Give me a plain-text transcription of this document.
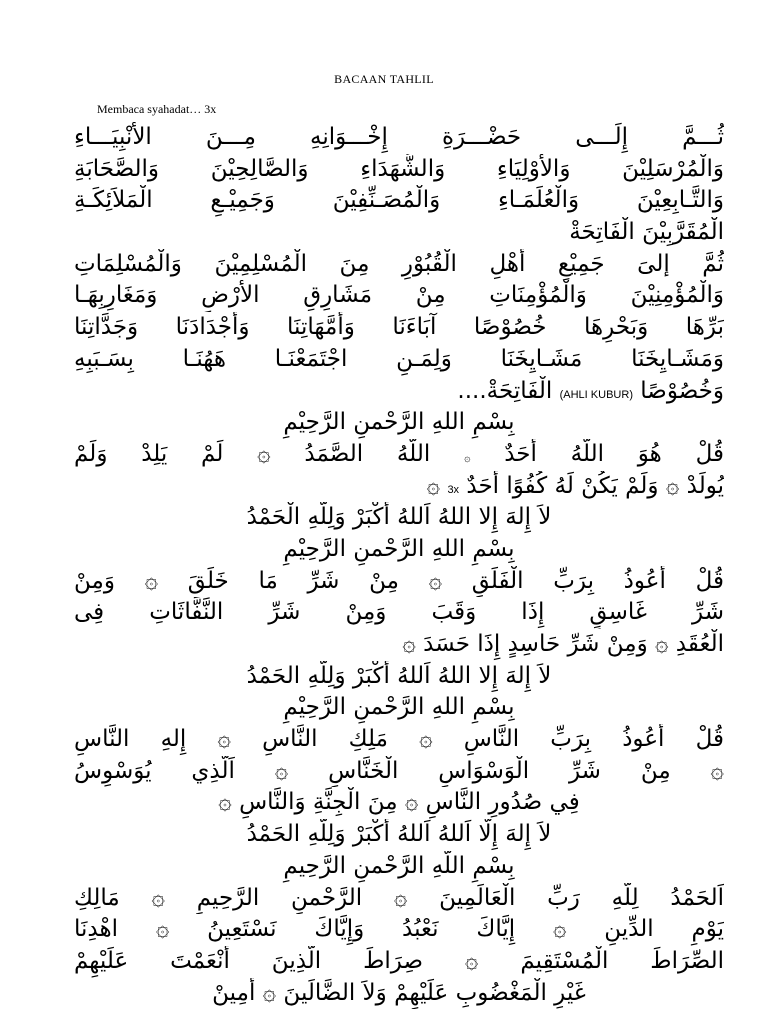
BACAAN TAHLIL
Membaca syahadat… 3x
ثُـــمَّ إِلَـــى حَضْـــرَةِ إِخْـــوَانِهِ مِـــنَ الأَنْبِيَـــاءِ
وَالْمُرْسَلِيْنَ وَالأَوْلِيَاءِ وَالشُّهَدَاءِ وَالصَّالِحِيْنَ وَالصَّحَابَةِ
وَالتَّـابِعِيْنَ وَالْعُلَمَـاءِ وَالْمُصَـنِّفِيْنَ وَجَمِيْـعِ الْمَلاَئِكَـةِ
الْمُقَرَّبِيْنَ الْفَاتِحَةْ
ثُمَّ إلىَ جَمِيْعِ أَهْلِ الْقُبُوْرِ مِنَ الْمُسْلِمِيْنَ وَالْمُسْلِمَاتِ
وَالْمُؤْمِنِيْنَ وَالْمُؤْمِنَاتِ مِنْ مَشَارِقِ الأَرْضِ وَمَغَارِبِهَـا
بَرِّهَا وَبَحْرِهَا خُصُوْصًا آبَاءَنَا وَأُمَّهَاتِنَا وَأَجْدَادَنَا وَجَدَّاتِنَا
وَمَشَـايِخَنَا مَشَـايِخَنَا وَلِمَـنِ اجْتَمَعْنَـا هَهُنَـا بِسَـبَبِهِ
وَخُصُوْصًا (AHLI KUBUR) الْفَاتِحَةْ....
بِسْمِ اللهِ الرَّحْمنِ الرَّحِيْمِ
قُلْ هُوَ اللّهُ أَحَدٌ ۞ اللّهُ الصَّمَدُ ۞ لَمْ يَلِدْ وَلَمْ
يُولَدْ ۞ وَلَمْ يَكُنْ لَهُ كُفُوًا أَحَدٌ 3x ۞
لاَ إِلهَ إِلا اللهُ اَللهُ أَكْبَرْ وَلِلّهِ الْحَمْدُ
بِسْمِ اللهِ الرَّحْمنِ الرَّحِيْمِ
قُلْ أَعُوذُ بِرَبِّ الْفَلَقِ ۞ مِنْ شَرِّ مَا خَلَقَ ۞ وَمِنْ
شَرِّ غَاسِقٍ إِذَا وَقَبَ وَمِنْ شَرِّ النَّفَّاثَاتِ فِى
الْعُقَدِ ۞ وَمِنْ شَرِّ حَاسِدٍ إِذَا حَسَدَ ۞
لاَ إِلهَ إِلا اللهُ اَللهُ أَكْبَرْ وَلِلّهِ الحَمْدُ
بِسْمِ اللهِ الرَّحْمنِ الرَّحِيْمِ
قُلْ أَعُوذُ بِرَبِّ النَّاسِ ۞ مَلِكِ النَّاسِ ۞ إِلهِ النَّاسِ
۞ مِنْ شَرِّ الْوَسْوَاسِ الْخَنَّاسِ ۞ اَلَّذِي يُوَسْوِسُ
فِي صُدُورِ النَّاسِ ۞ مِنَ الْجِنَّةِ وَالنَّاسِ ۞
لاَ إِلهَ إِلَّا اَللهُ اَللهُ أَكْبَرْ وَلِلّهِ الحَمْدُ
بِسْمِ اللّهِ الرَّحْمنِ الرَّحِيمِ
اَلحَمْدُ لِلّهِ رَبِّ الْعَالَمِينَ ۞ الرَّحْمنِ الرَّحِيمِ ۞ مَالِكِ
يَوْمِ الدِّينِ ۞ إِيَّاكَ نَعْبُدُ وَإِيَّاكَ نَسْتَعِينُ ۞ اهْدِنَا
الصِّرَاطَ الْمُسْتَقِيمَ ۞ صِرَاطَ الَّذِينَ أَنْعَمْتَ عَلَيْهِمْ
غَيْرِ الْمَغْضُوبِ عَلَيْهِمْ وَلاَ الضَّالِّينَ ۞ أَمِينْ
